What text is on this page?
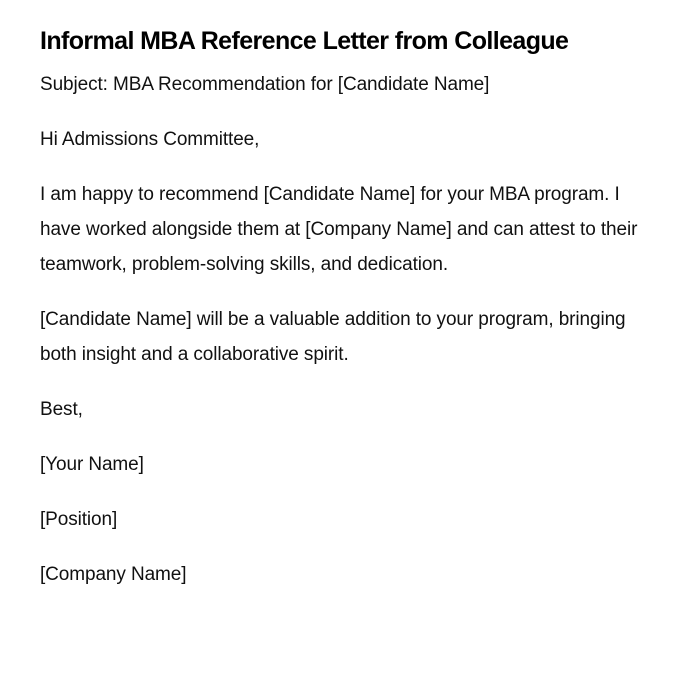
Informal MBA Reference Letter from Colleague

Subject: MBA Recommendation for [Candidate Name]

Hi Admissions Committee,

I am happy to recommend [Candidate Name] for your MBA program. I have worked alongside them at [Company Name] and can attest to their teamwork, problem-solving skills, and dedication.

[Candidate Name] will be a valuable addition to your program, bringing both insight and a collaborative spirit.

Best,

[Your Name]

[Position]

[Company Name]
